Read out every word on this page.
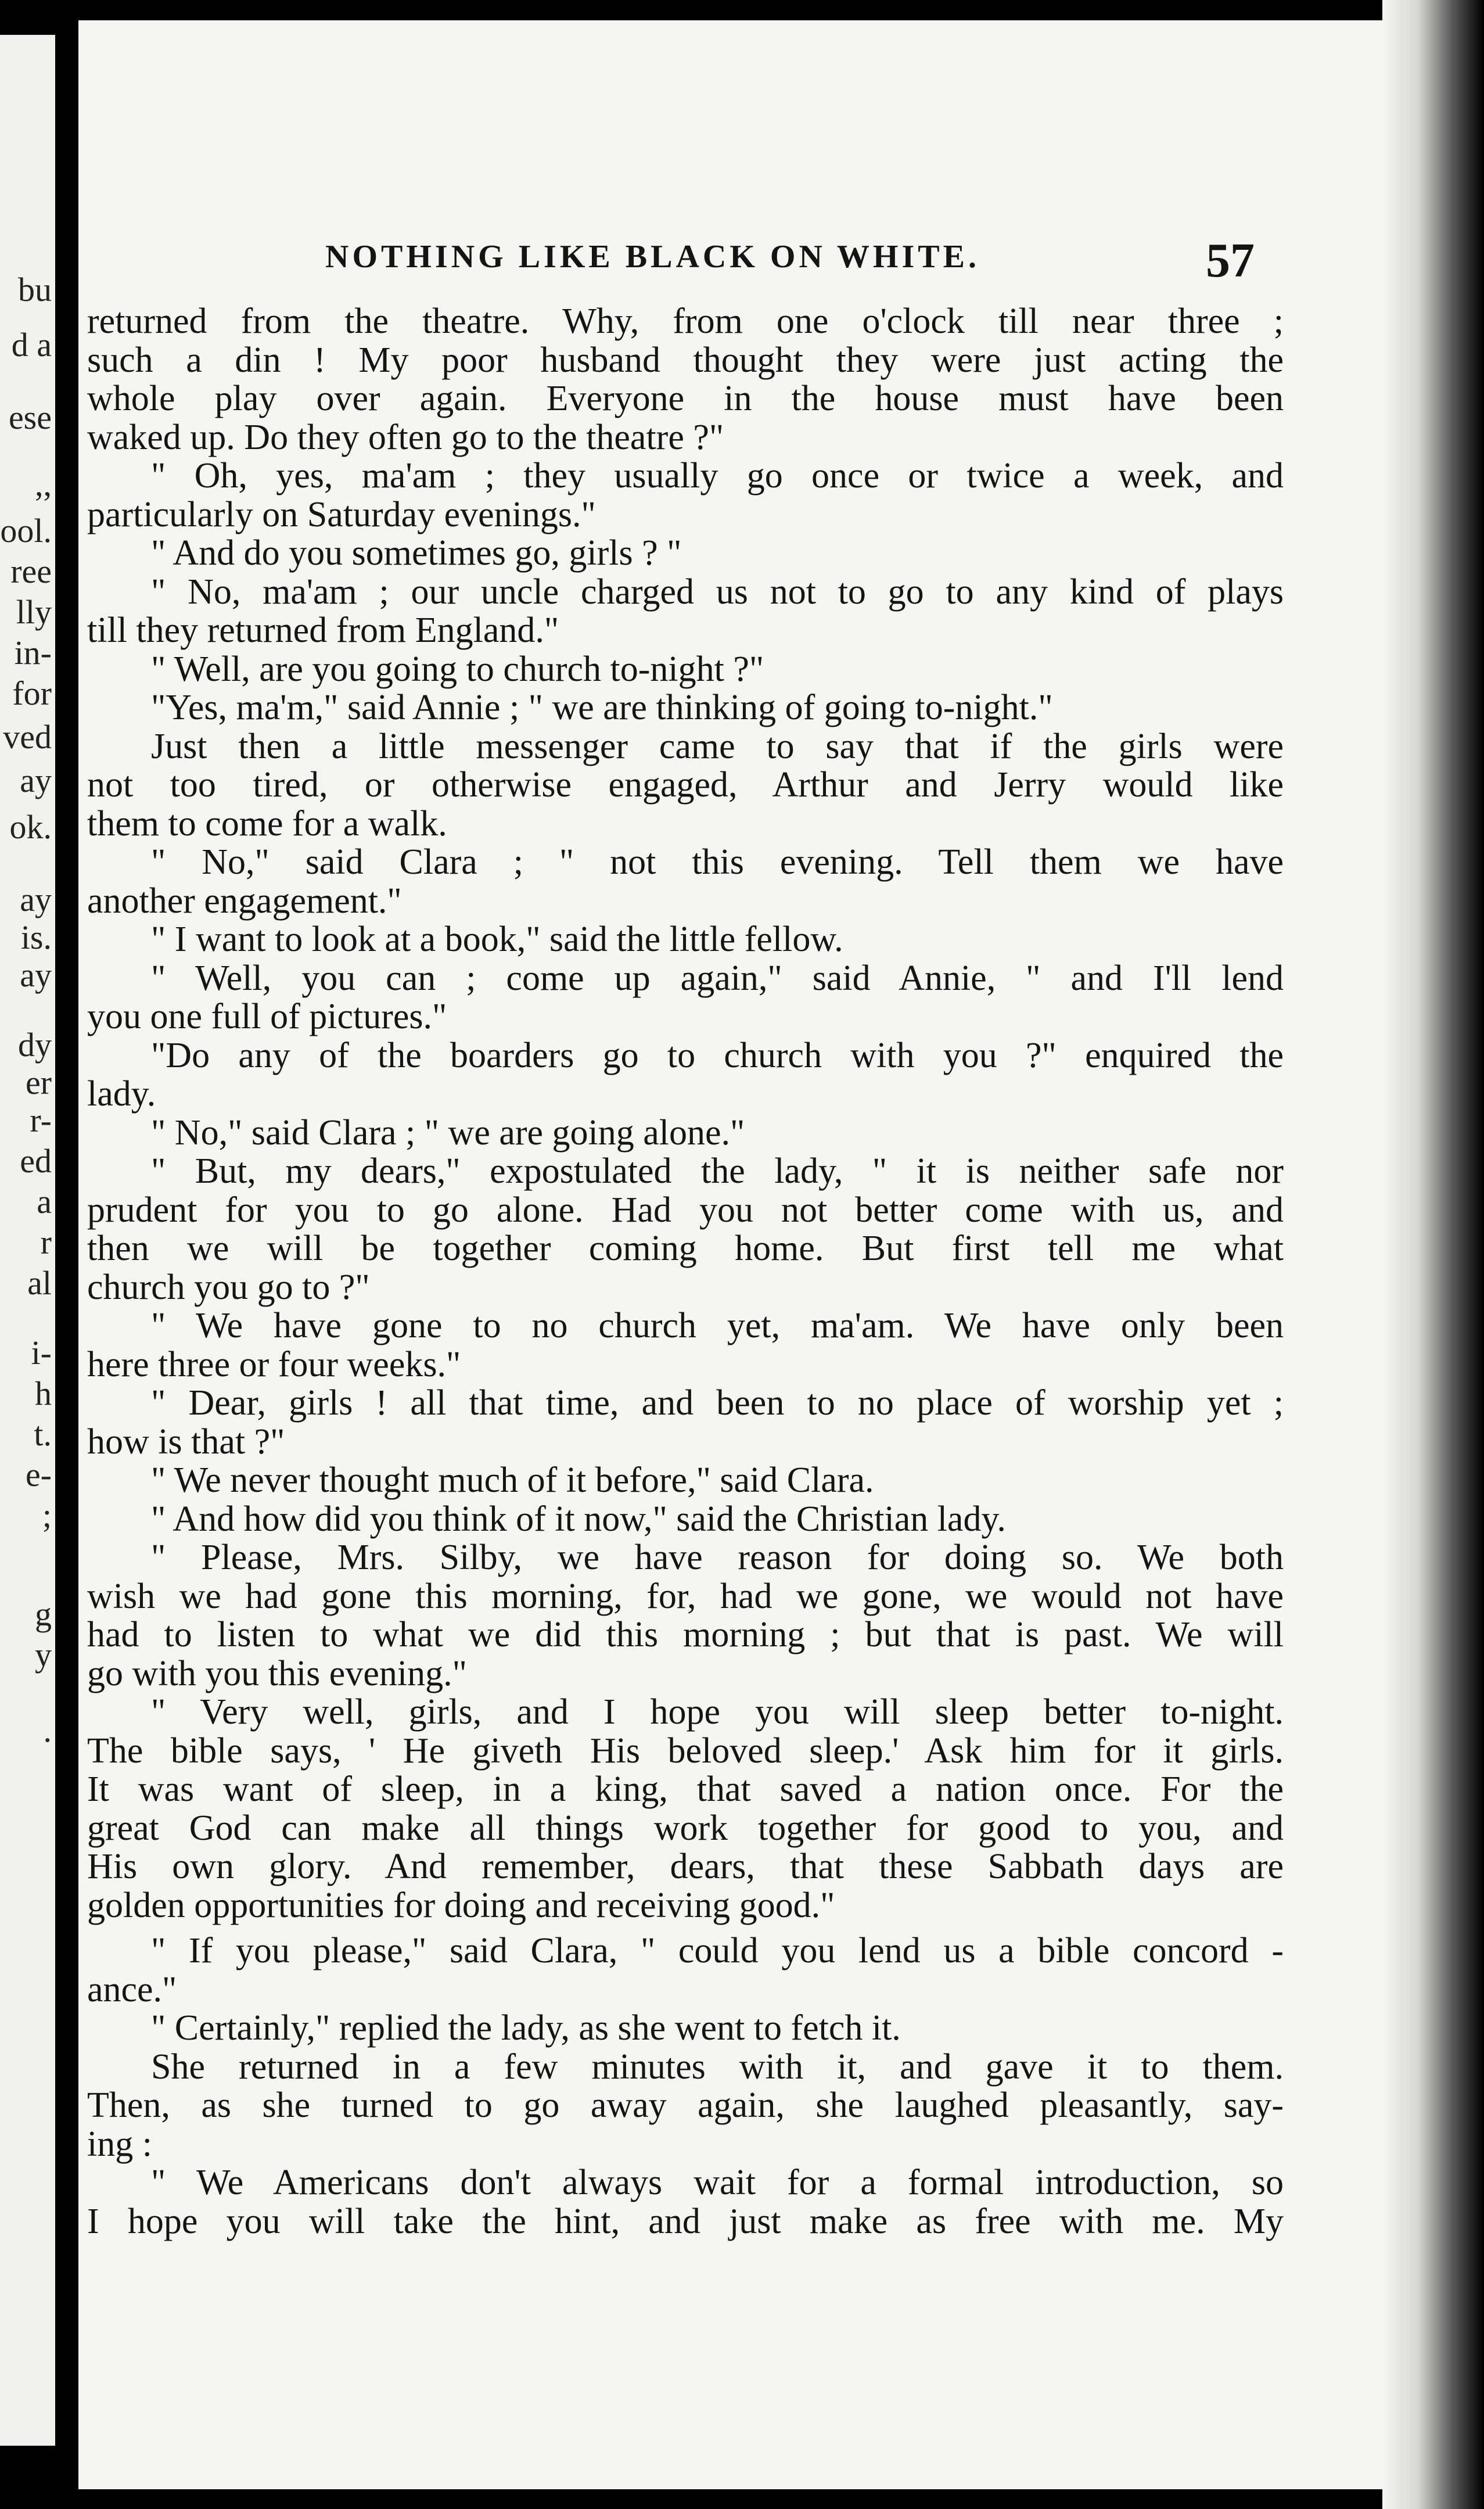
bu
d a
ese
,,
ool.
ree
lly
in-
for
ved
ay
ok.
ay
is.
ay
dy
er
r-
ed
a
r
al
i-
h
t.
e-
;
g
y
.
NOTHING LIKE BLACK ON WHITE.	57
returned from the theatre. Why, from one o'clock till near three ;
such a din ! My poor husband thought they were just acting the
whole play over again. Everyone in the house must have been
waked up. Do they often go to the theatre ?"
" Oh, yes, ma'am ; they usually go once or twice a week, and
particularly on Saturday evenings."
" And do you sometimes go, girls ? "
" No, ma'am ; our uncle charged us not to go to any kind of plays
till they returned from England."
" Well, are you going to church to-night ?"
"Yes, ma'm," said Annie ; " we are thinking of going to-night."
Just then a little messenger came to say that if the girls were
not too tired, or otherwise engaged, Arthur and Jerry would like
them to come for a walk.
" No," said Clara ; " not this evening. Tell them we have
another engagement."
" I want to look at a book," said the little fellow.
" Well, you can ; come up again," said Annie, " and I'll lend
you one full of pictures."
"Do any of the boarders go to church with you ?" enquired the
lady.
" No," said Clara ; " we are going alone."
" But, my dears," expostulated the lady, " it is neither safe nor
prudent for you to go alone. Had you not better come with us, and
then we will be together coming home. But first tell me what
church you go to ?"
" We have gone to no church yet, ma'am. We have only been
here three or four weeks."
" Dear, girls ! all that time, and been to no place of worship yet ;
how is that ?"
" We never thought much of it before," said Clara.
" And how did you think of it now," said the Christian lady.
" Please, Mrs. Silby, we have reason for doing so. We both
wish we had gone this morning, for, had we gone, we would not have
had to listen to what we did this morning ; but that is past. We will
go with you this evening."
" Very well, girls, and I hope you will sleep better to-night.
The bible says, ' He giveth His beloved sleep.' Ask him for it girls.
It was want of sleep, in a king, that saved a nation once. For the
great God can make all things work together for good to you, and
His own glory. And remember, dears, that these Sabbath days are
golden opportunities for doing and receiving good."
" If you please," said Clara, " could you lend us a bible concord -
ance."
" Certainly," replied the lady, as she went to fetch it.
She returned in a few minutes with it, and gave it to them.
Then, as she turned to go away again, she laughed pleasantly, say-
ing :
" We Americans don't always wait for a formal introduction, so
I hope you will take the hint, and just make as free with me. My
